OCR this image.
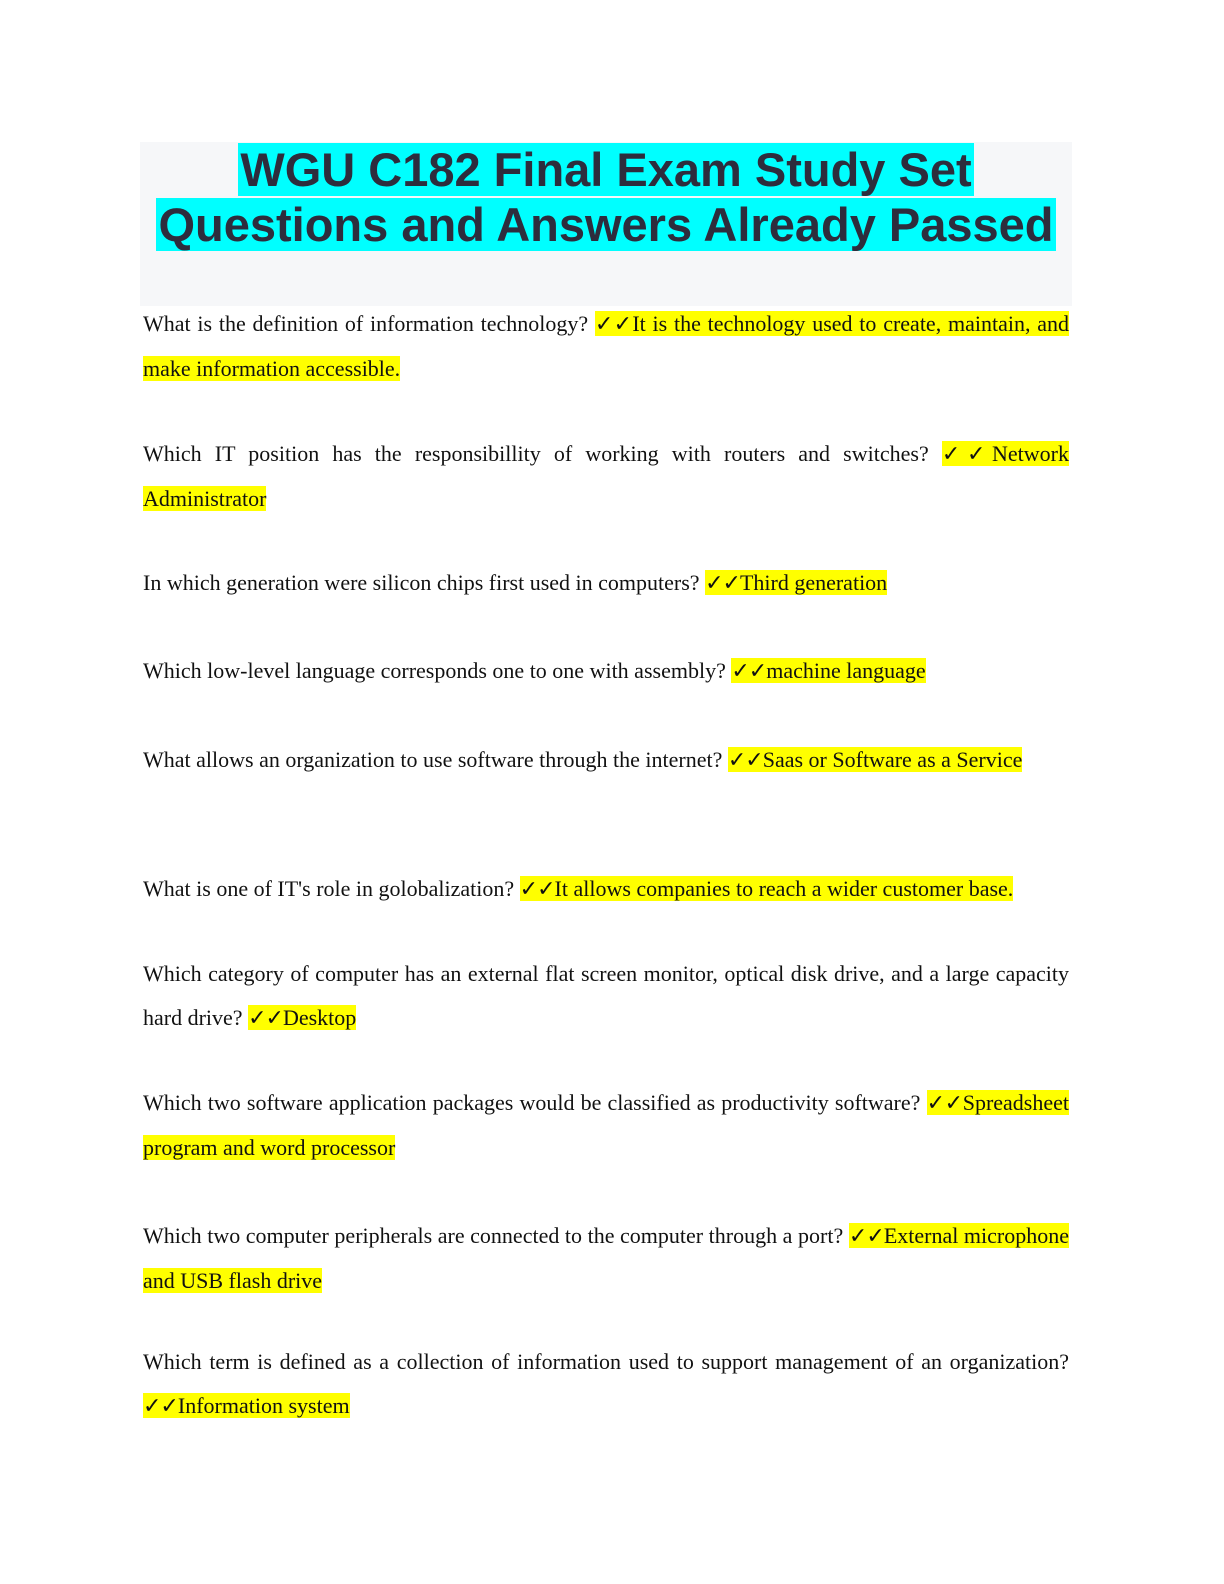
WGU C182 Final Exam Study Set
Questions and Answers Already Passed

What is the definition of information technology? ✓✓It is the technology used to create, maintain, and make information accessible.

Which IT position has the responsibillity of working with routers and switches? ✓✓Network Administrator

In which generation were silicon chips first used in computers? ✓✓Third generation

Which low-level language corresponds one to one with assembly? ✓✓machine language

What allows an organization to use software through the internet? ✓✓Saas or Software as a Service

What is one of IT's role in golobalization? ✓✓It allows companies to reach a wider customer base.

Which category of computer has an external flat screen monitor, optical disk drive, and a large capacity hard drive? ✓✓Desktop

Which two software application packages would be classified as productivity software? ✓✓Spreadsheet program and word processor

Which two computer peripherals are connected to the computer through a port? ✓✓External microphone and USB flash drive

Which term is defined as a collection of information used to support management of an organization? ✓✓Information system
